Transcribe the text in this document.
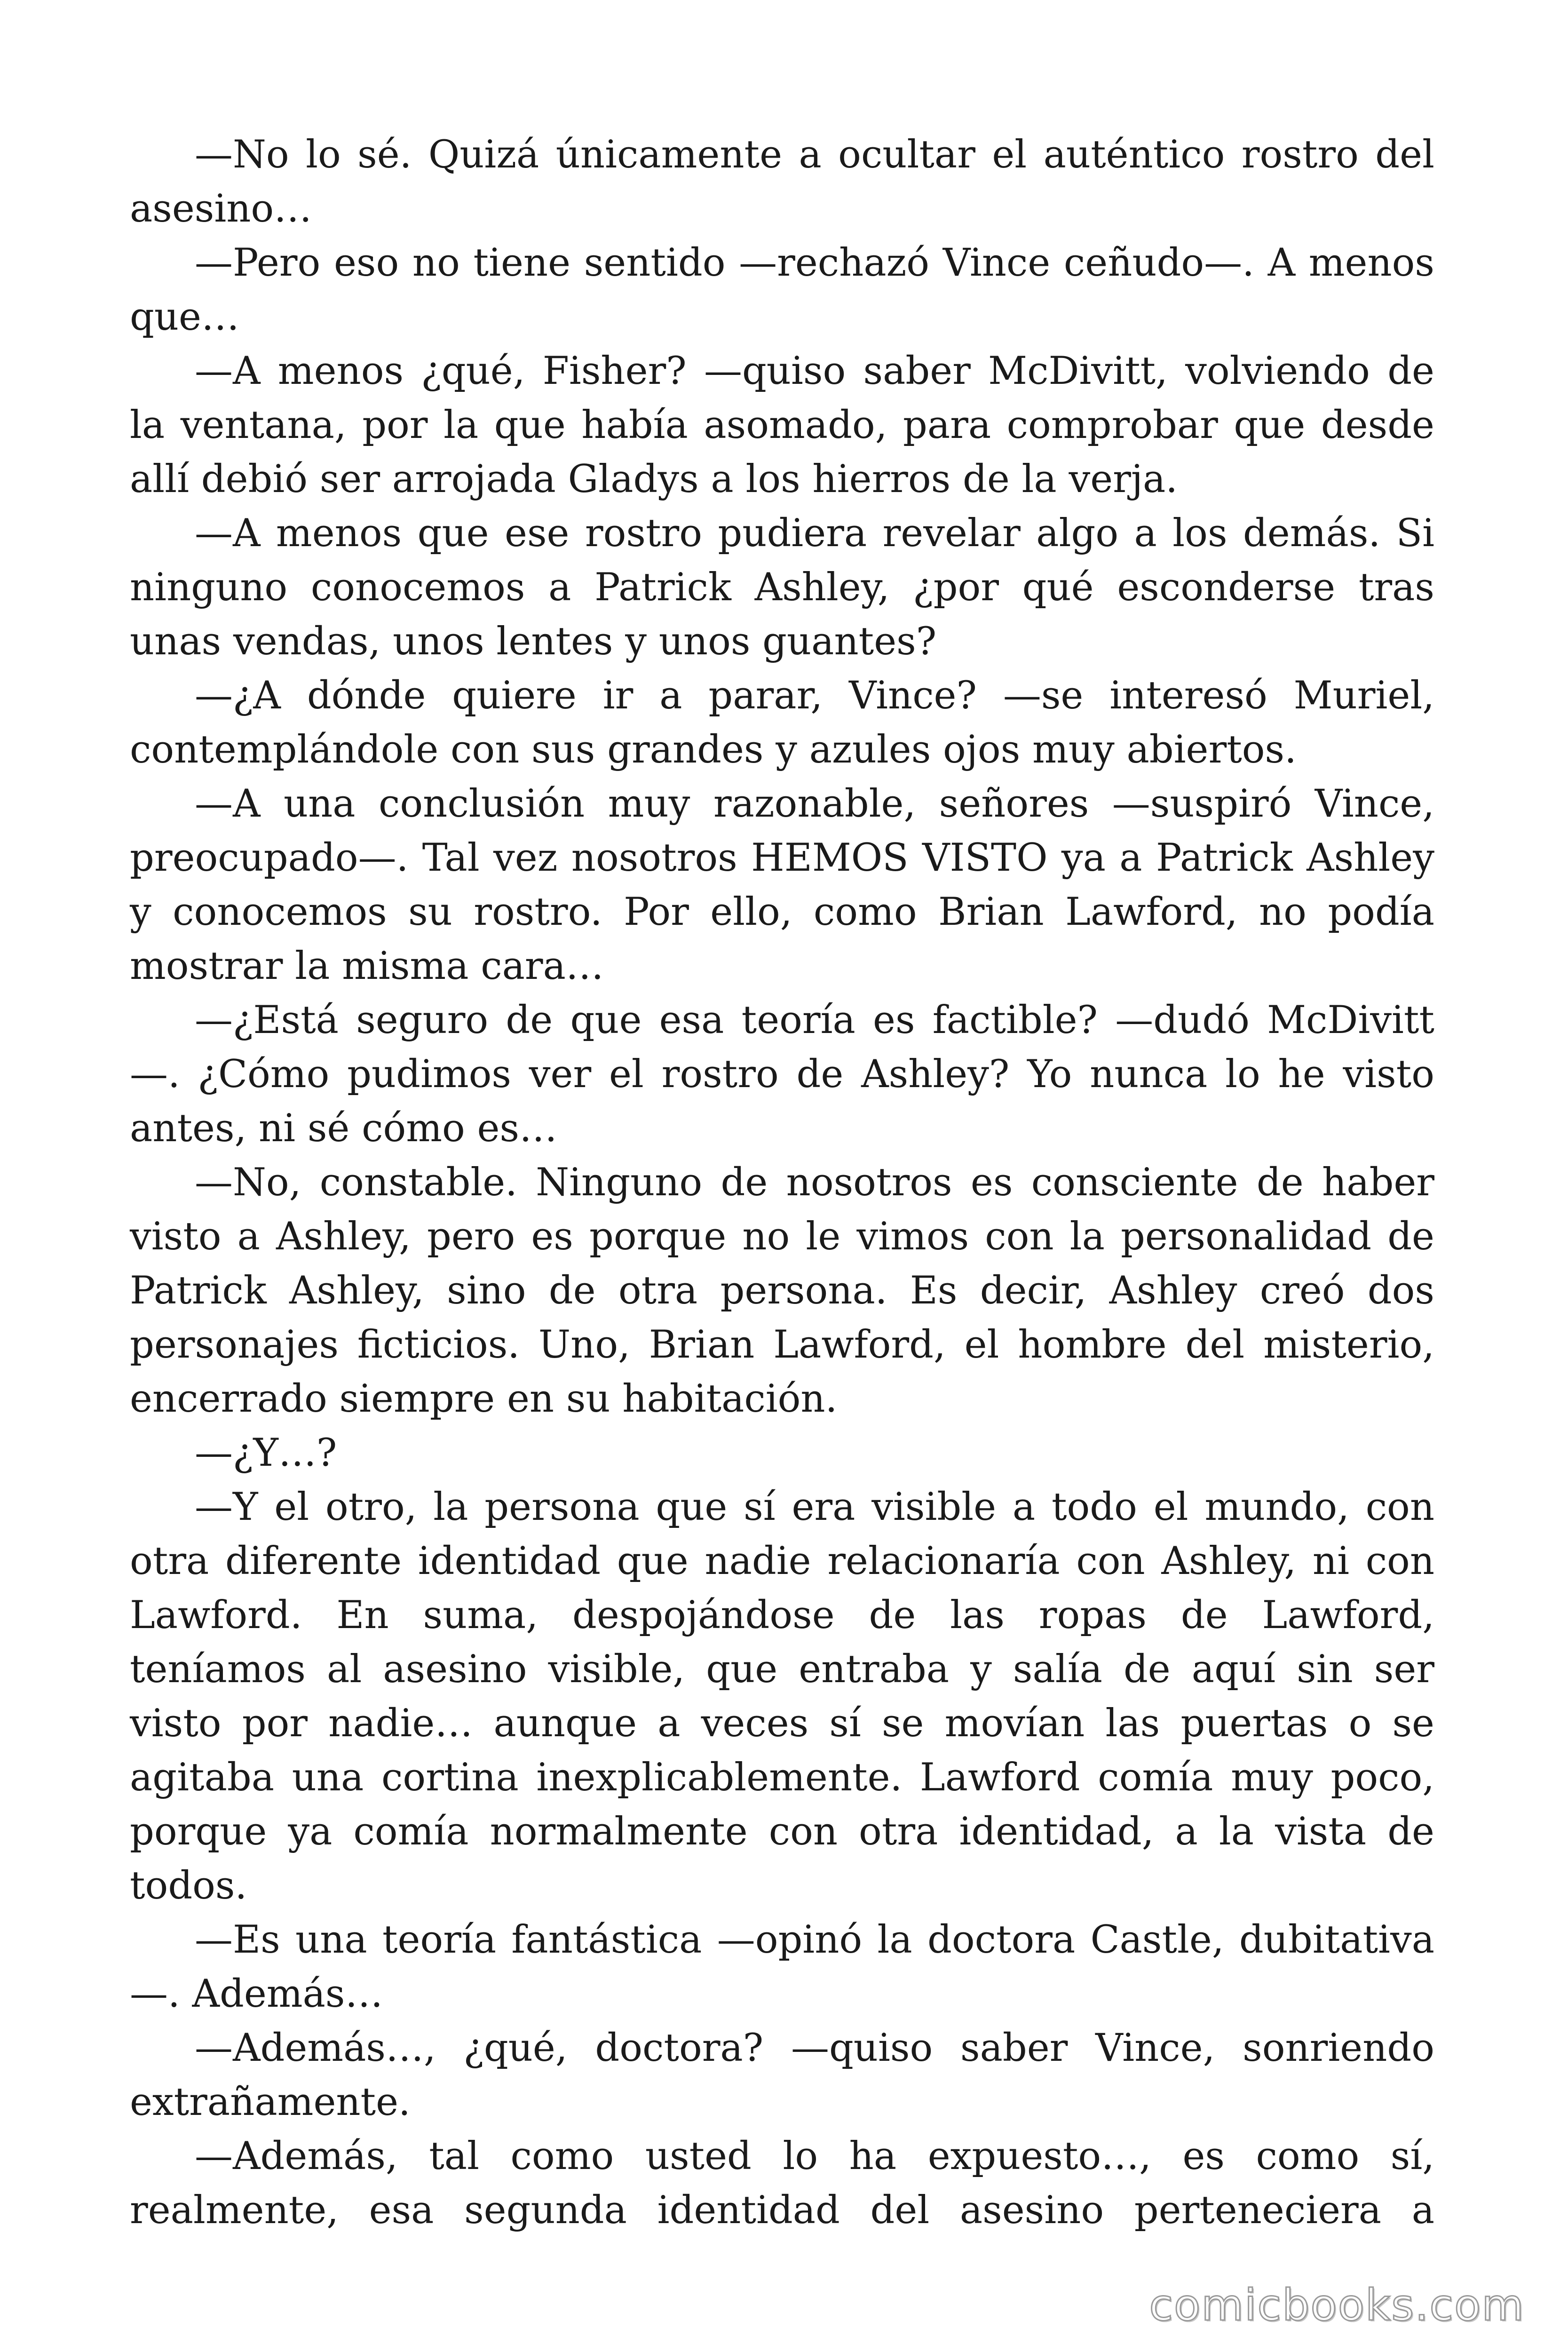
—No lo sé. Quizá únicamente a ocultar el auténtico rostro del asesino…

—Pero eso no tiene sentido —rechazó Vince ceñudo—. A menos que…

—A menos ¿qué, Fisher? —quiso saber McDivitt, volviendo de la ventana, por la que había asomado, para comprobar que desde allí debió ser arrojada Gladys a los hierros de la verja.

—A menos que ese rostro pudiera revelar algo a los demás. Si ninguno conocemos a Patrick Ashley, ¿por qué esconderse tras unas vendas, unos lentes y unos guantes?

—¿A dónde quiere ir a parar, Vince? —se interesó Muriel, contemplándole con sus grandes y azules ojos muy abiertos.

—A una conclusión muy razonable, señores —suspiró Vince, preocupado—. Tal vez nosotros HEMOS VISTO ya a Patrick Ashley y conocemos su rostro. Por ello, como Brian Lawford, no podía mostrar la misma cara…

—¿Está seguro de que esa teoría es factible? —dudó McDivitt—. ¿Cómo pudimos ver el rostro de Ashley? Yo nunca lo he visto antes, ni sé cómo es…

—No, constable. Ninguno de nosotros es consciente de haber visto a Ashley, pero es porque no le vimos con la personalidad de Patrick Ashley, sino de otra persona. Es decir, Ashley creó dos personajes ficticios. Uno, Brian Lawford, el hombre del misterio, encerrado siempre en su habitación.

—¿Y…?

—Y el otro, la persona que sí era visible a todo el mundo, con otra diferente identidad que nadie relacionaría con Ashley, ni con Lawford. En suma, despojándose de las ropas de Lawford, teníamos al asesino visible, que entraba y salía de aquí sin ser visto por nadie… aunque a veces sí se movían las puertas o se agitaba una cortina inexplicablemente. Lawford comía muy poco, porque ya comía normalmente con otra identidad, a la vista de todos.

—Es una teoría fantástica —opinó la doctora Castle, dubitativa —. Además…

—Además…, ¿qué, doctora? —quiso saber Vince, sonriendo extrañamente.

—Además, tal como usted lo ha expuesto…, es como sí, realmente, esa segunda identidad del asesino perteneciera a

comicbooks.com
